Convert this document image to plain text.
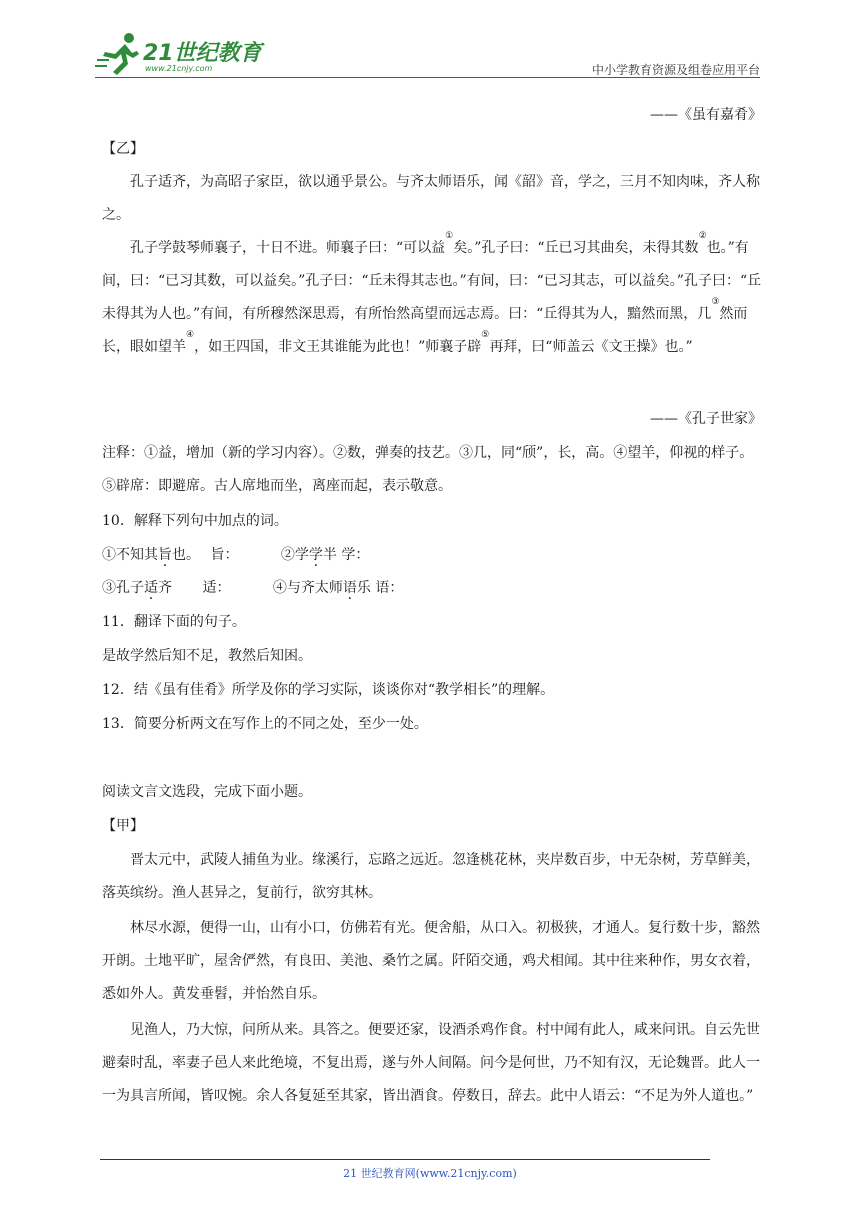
21世纪教育
www.21cnjy.com	中小学教育资源及组卷应用平台
——《虽有嘉肴》
【乙】
孔子适齐，为高昭子家臣，欲以通乎景公。与齐太师语乐，闻《韶》音，学之，三月不知肉味，齐人称之。
孔子学鼓琴师襄子，十日不进。师襄子曰：“可以益①矣。”孔子曰：“丘已习其曲矣，未得其数②也。”有间，曰：“已习其数，可以益矣。”孔子曰：“丘未得其志也。”有间，曰：“已习其志，可以益矣。”孔子曰：“丘未得其为人也。”有间，有所穆然深思焉，有所怡然高望而远志焉。曰：“丘得其为人，黯然而黑，几③然而长，眼如望羊④，如王四国，非文王其谁能为此也！”师襄子辟⑤再拜，曰“师盖云《文王操》也。”
——《孔子世家》
注释：①益，增加（新的学习内容）。②数，弹奏的技艺。③几，同“颀”，长，高。④望羊，仰视的样子。⑤辟席：即避席。古人席地而坐，离座而起，表示敬意。
10．解释下列句中加点的词。
①不知其旨也。 旨：	②学学半 学：
③孔子适齐 适：	④与齐太师语乐 语：
11．翻译下面的句子。
是故学然后知不足，教然后知困。
12．结《虽有佳肴》所学及你的学习实际，谈谈你对“教学相长”的理解。
13．简要分析两文在写作上的不同之处，至少一处。
阅读文言文选段，完成下面小题。
【甲】
晋太元中，武陵人捕鱼为业。缘溪行，忘路之远近。忽逢桃花林，夹岸数百步，中无杂树，芳草鲜美，落英缤纷。渔人甚异之，复前行，欲穷其林。
林尽水源，便得一山，山有小口，仿佛若有光。便舍船，从口入。初极狭，才通人。复行数十步，豁然开朗。土地平旷，屋舍俨然，有良田、美池、桑竹之属。阡陌交通，鸡犬相闻。其中往来种作，男女衣着，悉如外人。黄发垂髫，并怡然自乐。
见渔人，乃大惊，问所从来。具答之。便要还家，设酒杀鸡作食。村中闻有此人，咸来问讯。自云先世避秦时乱，率妻子邑人来此绝境，不复出焉，遂与外人间隔。问今是何世，乃不知有汉，无论魏晋。此人一一为具言所闻，皆叹惋。余人各复延至其家，皆出酒食。停数日，辞去。此中人语云：“不足为外人道也。”
21 世纪教育网(www.21cnjy.com)
